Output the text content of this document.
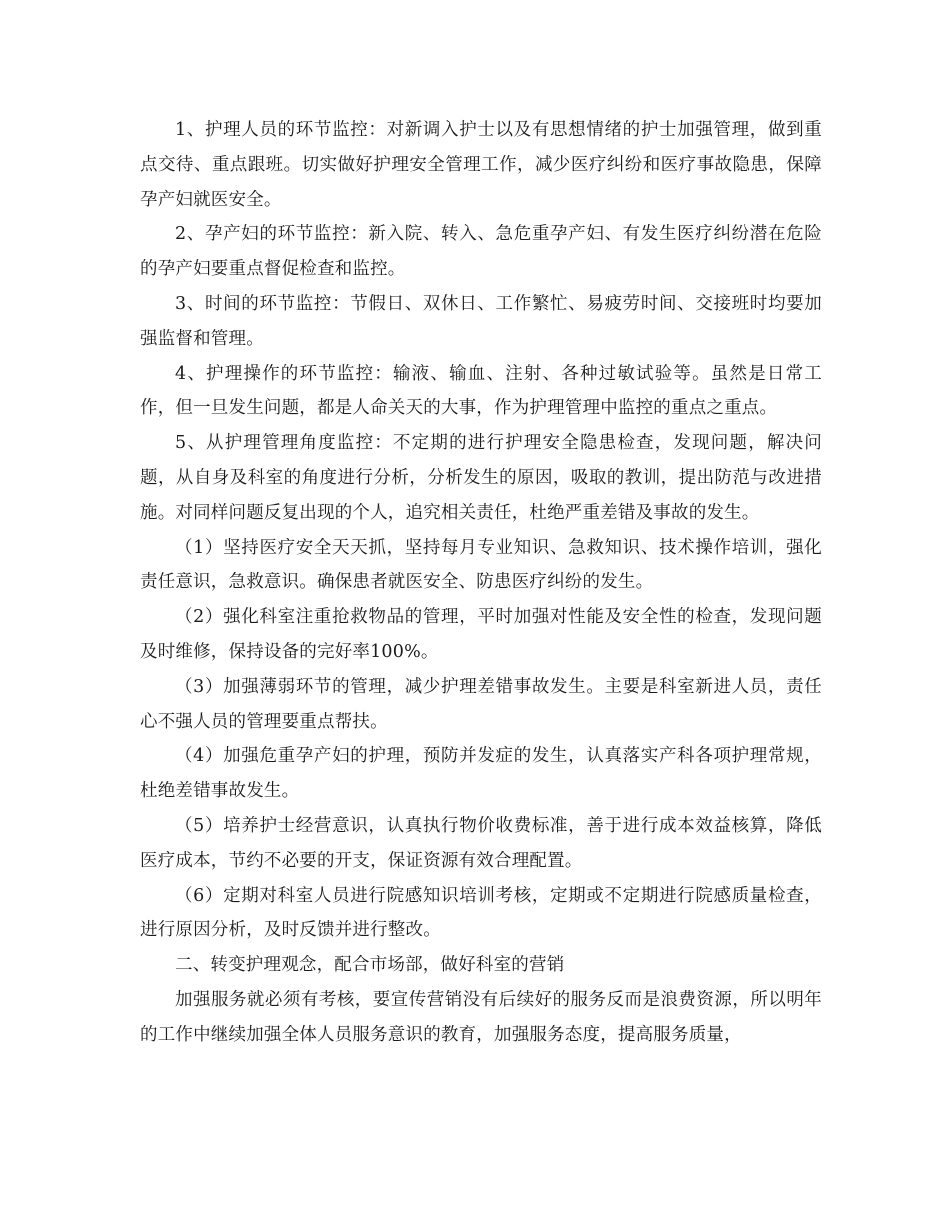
1、护理人员的环节监控：对新调入护士以及有思想情绪的护士加强管理，做到重点交待、重点跟班。切实做好护理安全管理工作，减少医疗纠纷和医疗事故隐患，保障孕产妇就医安全。

2、孕产妇的环节监控：新入院、转入、急危重孕产妇、有发生医疗纠纷潜在危险的孕产妇要重点督促检查和监控。

3、时间的环节监控：节假日、双休日、工作繁忙、易疲劳时间、交接班时均要加强监督和管理。

4、护理操作的环节监控：输液、输血、注射、各种过敏试验等。虽然是日常工作，但一旦发生问题，都是人命关天的大事，作为护理管理中监控的重点之重点。

5、从护理管理角度监控：不定期的进行护理安全隐患检查，发现问题，解决问题，从自身及科室的角度进行分析，分析发生的原因，吸取的教训，提出防范与改进措施。对同样问题反复出现的个人，追究相关责任，杜绝严重差错及事故的发生。

（1）坚持医疗安全天天抓，坚持每月专业知识、急救知识、技术操作培训，强化责任意识，急救意识。确保患者就医安全、防患医疗纠纷的发生。

（2）强化科室注重抢救物品的管理，平时加强对性能及安全性的检查，发现问题及时维修，保持设备的完好率100%。

（3）加强薄弱环节的管理，减少护理差错事故发生。主要是科室新进人员，责任心不强人员的管理要重点帮扶。

（4）加强危重孕产妇的护理，预防并发症的发生，认真落实产科各项护理常规，杜绝差错事故发生。

（5）培养护士经营意识，认真执行物价收费标准，善于进行成本效益核算，降低医疗成本，节约不必要的开支，保证资源有效合理配置。

（6）定期对科室人员进行院感知识培训考核，定期或不定期进行院感质量检查，进行原因分析，及时反馈并进行整改。

二、转变护理观念，配合市场部，做好科室的营销

加强服务就必须有考核，要宣传营销没有后续好的服务反而是浪费资源，所以明年的工作中继续加强全体人员服务意识的教育，加强服务态度，提高服务质量，
